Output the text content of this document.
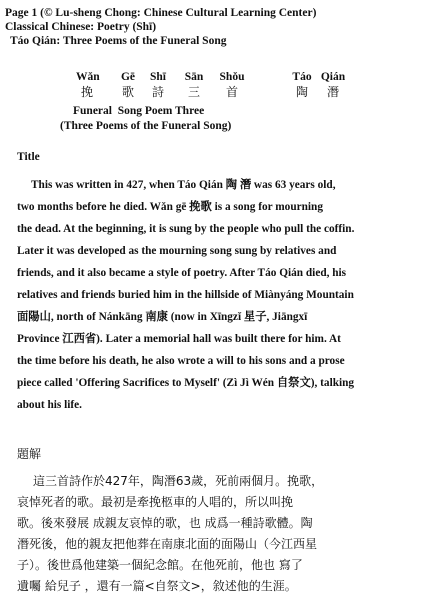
Page 1 (© Lu-sheng Chong: Chinese Cultural Learning Center)
Classical Chinese: Poetry (Shī)
Táo Qián: Three Poems of the Funeral Song
Wǎn
挽
Gē
歌
Shī
詩
Sān
三
Shǒu
首
Táo
陶
Qián
潛
Funeral  Song Poem Three
(Three Poems of the Funeral Song)
Title
This was written in 427, when Táo Qián 陶 潛 was 63 years old,
two months before he died. Wǎn gē 挽歌 is a song for mourning
the dead. At the beginning, it is sung by the people who pull the coffin.
Later it was developed as the mourning song sung by relatives and
friends, and it also became a style of poetry. After Táo Qián died, his
relatives and friends buried him in the hillside of Miànyáng Mountain
面陽山, north of Nánkāng 南康 (now in Xīngzǐ 星子, Jiāngxī
Province 江西省). Later a memorial hall was built there for him. At
the time before his death, he also wrote a will to his sons and a prose
piece called 'Offering Sacrifices to Myself' (Zì Jì Wén 自祭文), talking
about his life.
題解
這三首詩作於427年，陶潛63歲，死前兩個月。挽歌，
哀悼死者的歌。最初是牽挽柩車的人唱的，所以叫挽
歌。後來發展 成親友哀悼的歌，也 成爲一種詩歌體。陶
潛死後，他的親友把他葬在南康北面的面陽山（今江西星
子）。後世爲他建築一個紀念館。在他死前，他也 寫了
遺囑 給兒子 ，還有一篇<自祭文>，敘述他的生涯。
